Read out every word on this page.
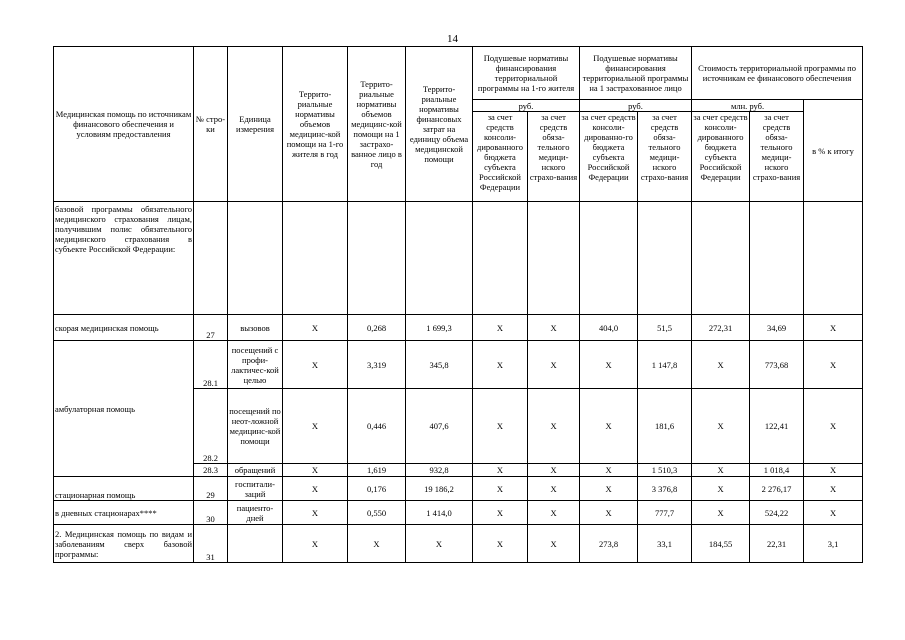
14
Медицинская помощь по источникам финансового обеспечения и условиям предоставления	№ стро-ки	Единица измерения	Террито-риальные нормативы объемов медицинс-кой помощи на 1-го жителя в год	Террито-риальные нормативы объемов медицинс-кой помощи на 1 застрахо-ванное лицо в год	Террито-риальные нормативы финансовых затрат на единицу объема медицинской помощи	Подушевые нормативы финансирования территориальной программы на 1-го жителя		Подушевые нормативы финансирования территориальной программы на 1 застрахованное лицо		Стоимость территориальной программы по источникам ее финансового обеспечения		
						руб.		руб.		млн. руб.		в % к итогу
						за счет средств консоли-дированного бюджета субъекта Российской Федерации	за счет средств обяза-тельного медици-нского страхо-вания	за счет средств консоли-дированно-го бюджета субъекта Российской Федерации	за счет средств обяза-тельного медици-нского страхо-вания	за счет средств консоли-дированного бюджета субъекта Российской Федерации	за счет средств обяза-тельного медици-нского страхо-вания	
базовой программы обязательного медицинского страхования лицам, получившим полис обязательного медицинского страхования в субъекте Российской Федерации:												
скорая медицинская помощь	27	вызовов	X	0,268	1 699,3	X	X	404,0	51,5	272,31	34,69	X
амбулаторная помощь	28.1	посещений с профи-лактичес-кой целью	X	3,319	345,8	X	X	X	1 147,8	X	773,68	X
	28.2	посещений по неот-ложной медицинс-кой помощи	X	0,446	407,6	X	X	X	181,6	X	122,41	X
	28.3	обращений	X	1,619	932,8	X	X	X	1 510,3	X	1 018,4	X
стационарная помощь	29	госпитали-заций	X	0,176	19 186,2	X	X	X	3 376,8	X	2 276,17	X
в дневных стационарах****	30	пациенто-дней	X	0,550	1 414,0	X	X	X	777,7	X	524,22	X
2. Медицинская помощь по видам и заболеваниям сверх базовой программы:	31		X	X	X	X	X	273,8	33,1	184,55	22,31	3,1
